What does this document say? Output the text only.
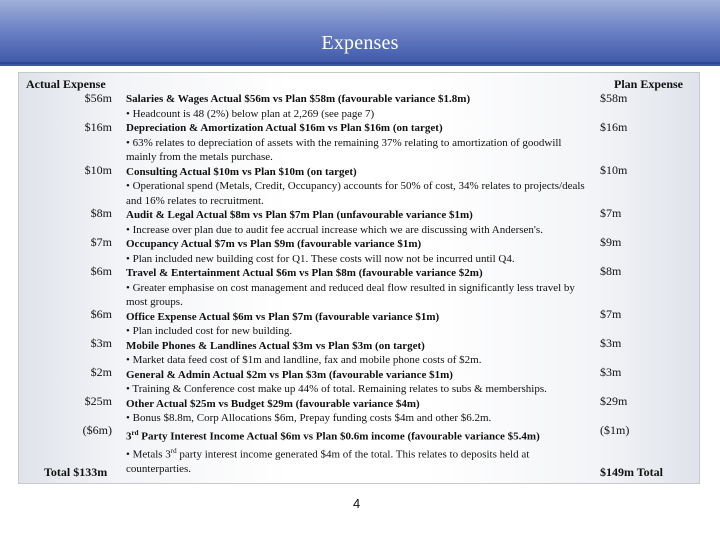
Expenses
Actual Expense	Plan Expense
$56m
$16m
$10m
$8m
$7m
$6m
$6m
$3m
$2m
$25m
($6m)
$58m
$16m
$10m
$7m
$9m
$8m
$7m
$3m
$3m
$29m
($1m)
Salaries & Wages Actual $56m vs Plan $58m (favourable variance $1.8m)
• Headcount is 48 (2%) below plan at 2,269 (see page 7)
Depreciation & Amortization Actual $16m vs Plan $16m (on target)
• 63% relates to depreciation of assets with the remaining 37% relating to amortization of goodwill mainly from the metals purchase.
Consulting Actual $10m vs Plan $10m (on target)
• Operational spend (Metals, Credit, Occupancy) accounts for 50% of cost, 34% relates to projects/deals and 16% relates to recruitment.
Audit & Legal Actual $8m vs Plan $7m Plan (unfavourable variance $1m)
• Increase over plan due to audit fee accrual increase which we are discussing with Andersen's.
Occupancy Actual $7m vs Plan $9m (favourable variance $1m)
• Plan included new building cost for Q1. These costs will now not be incurred until Q4.
Travel & Entertainment Actual $6m vs Plan $8m (favourable variance $2m)
• Greater emphasise on cost management and reduced deal flow resulted in significantly less travel by most groups.
Office Expense Actual $6m vs Plan $7m (favourable variance $1m)
• Plan included cost for new building.
Mobile Phones & Landlines Actual $3m vs Plan $3m (on target)
• Market data feed cost of $1m and landline, fax and mobile phone costs of $2m.
General & Admin Actual $2m vs Plan $3m (favourable variance $1m)
• Training & Conference cost make up 44% of total. Remaining relates to subs & memberships.
Other Actual $25m vs Budget $29m (favourable variance $4m)
• Bonus $8.8m, Corp Allocations $6m, Prepay funding costs $4m and other $6.2m.
3rd Party Interest Income Actual $6m vs Plan $0.6m income (favourable variance $5.4m)
• Metals 3rd party interest income generated $4m of the total. This relates to deposits held at counterparties.
Total $133m	$149m Total
4
